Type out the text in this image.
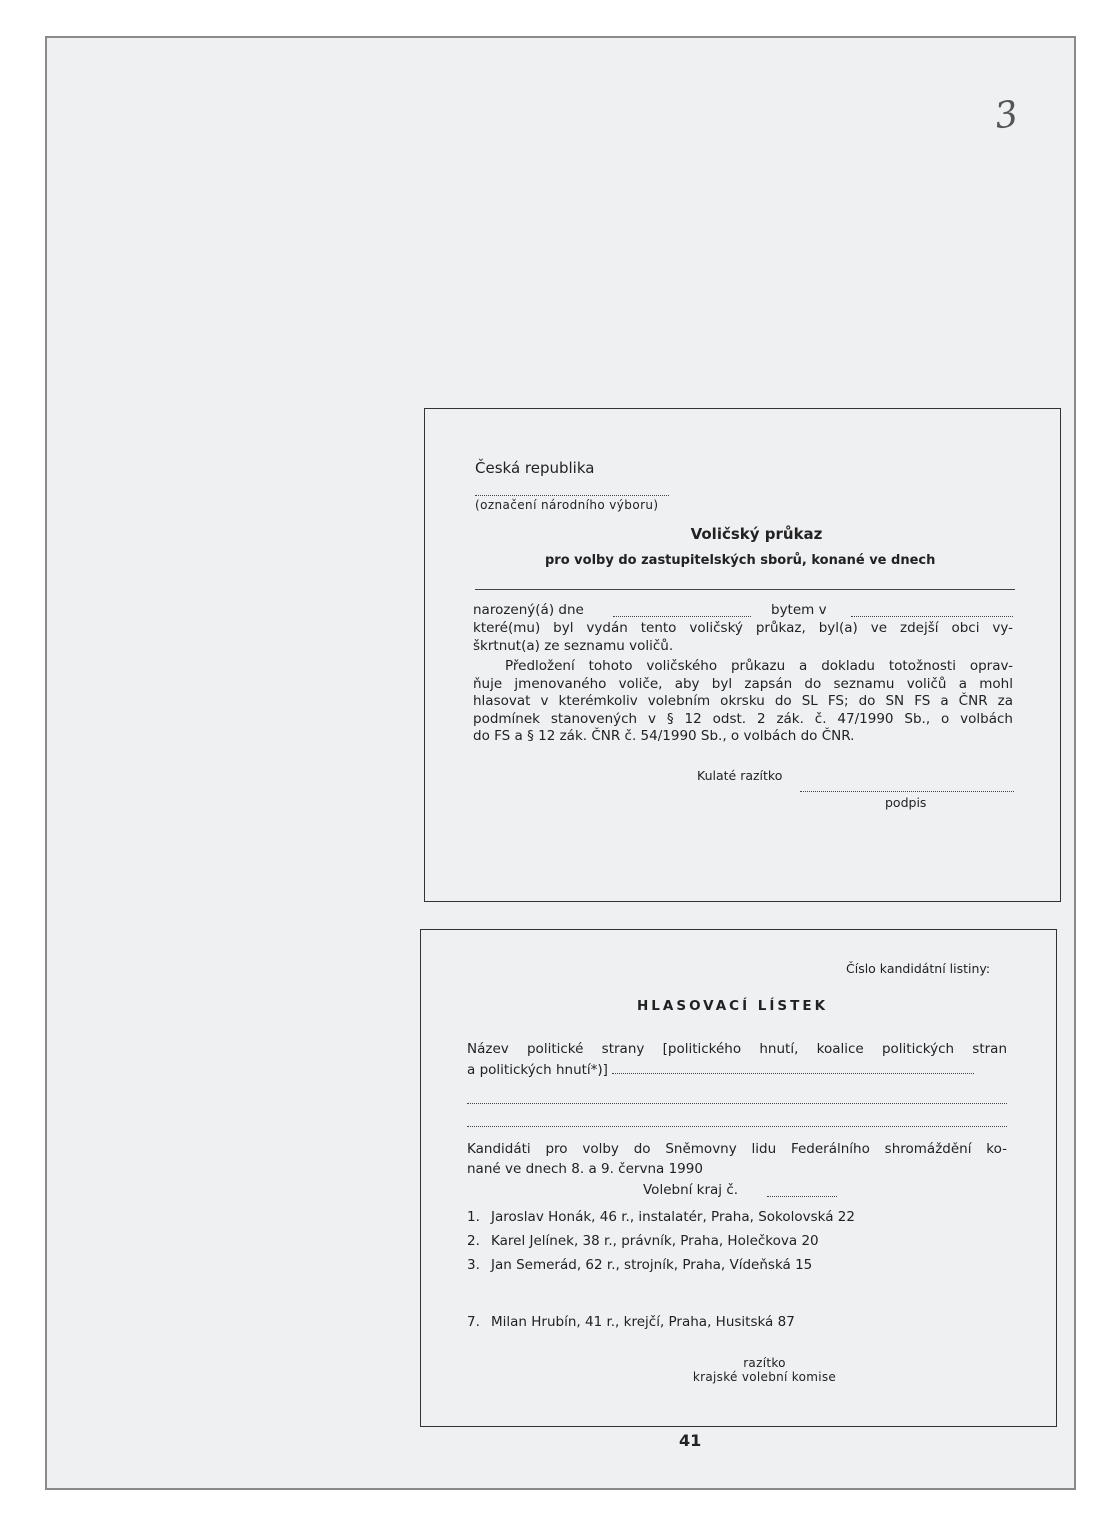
3
Česká republika
(označení národního výboru)
Voličský průkaz
pro volby do zastupitelských sborů, konané ve dnech
narozený(á) dne	bytem v
které(mu) byl vydán tento voličský průkaz, byl(a) ve zdejší obci vy-
škrtnut(a) ze seznamu voličů.
Předložení tohoto voličského průkazu a dokladu totožnosti oprav-
ňuje jmenovaného voliče, aby byl zapsán do seznamu voličů a mohl
hlasovat v kterémkoliv volebním okrsku do SL FS; do SN FS a ČNR za
podmínek stanovených v § 12 odst. 2 zák. č. 47/1990 Sb., o volbách
do FS a § 12 zák. ČNR č. 54/1990 Sb., o volbách do ČNR.
Kulaté razítko
podpis
Číslo kandidátní listiny:
HLASOVACÍ LÍSTEK
Název politické strany [politického hnutí, koalice politických stran
a politických hnutí*)]
Kandidáti pro volby do Sněmovny lidu Federálního shromáždění ko-
nané ve dnech 8. a 9. června 1990
Volební kraj č.
1. Jaroslav Honák, 46 r., instalatér, Praha, Sokolovská 22
2. Karel Jelínek, 38 r., právník, Praha, Holečkova 20
3. Jan Semerád, 62 r., strojník, Praha, Vídeňská 15
7. Milan Hrubín, 41 r., krejčí, Praha, Husitská 87
razítko
krajské volební komise
41
